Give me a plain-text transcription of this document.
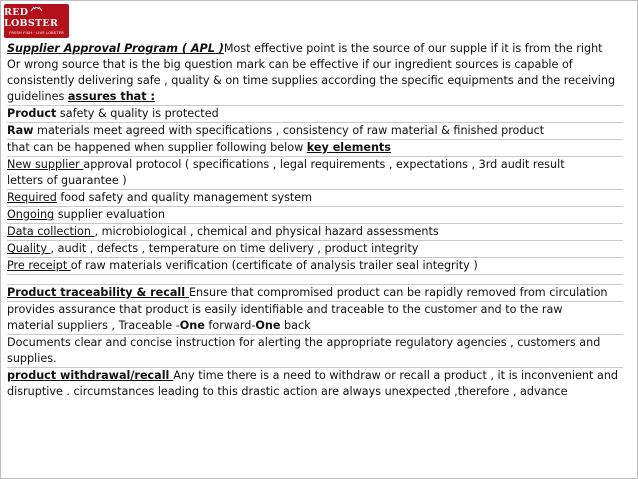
RED LOBSTER
FRESH FISH · LIVE LOBSTER
Supplier Approval Program ( APL )Most effective point is the source of our supple if it is from the right
Or wrong source that is the big question mark can be effective if our ingredient sources is capable of
consistently delivering safe , quality & on time supplies according the specific equipments and the receiving
guidelines assures that :
Product safety & quality is protected
Raw materials meet agreed with specifications , consistency of raw material & finished product
that can be happened when supplier following below key elements
New supplier approval protocol ( specifications , legal requirements , expectations , 3rd audit result
letters of guarantee )
Required food safety and quality management system
Ongoing supplier evaluation
Data collection , microbiological , chemical and physical hazard assessments
Quality , audit , defects , temperature on time delivery , product integrity
Pre receipt of raw materials verification (certificate of analysis trailer seal integrity )
Product traceability & recall Ensure that compromised product can be rapidly removed from circulation
provides assurance that product is easily identifiable and traceable to the customer and to the raw
material suppliers , Traceable -One forward-One back
Documents clear and concise instruction for alerting the appropriate regulatory agencies , customers and
supplies.
product withdrawal/recall Any time there is a need to withdraw or recall a product , it is inconvenient and
disruptive . circumstances leading to this drastic action are always unexpected ,therefore , advance
